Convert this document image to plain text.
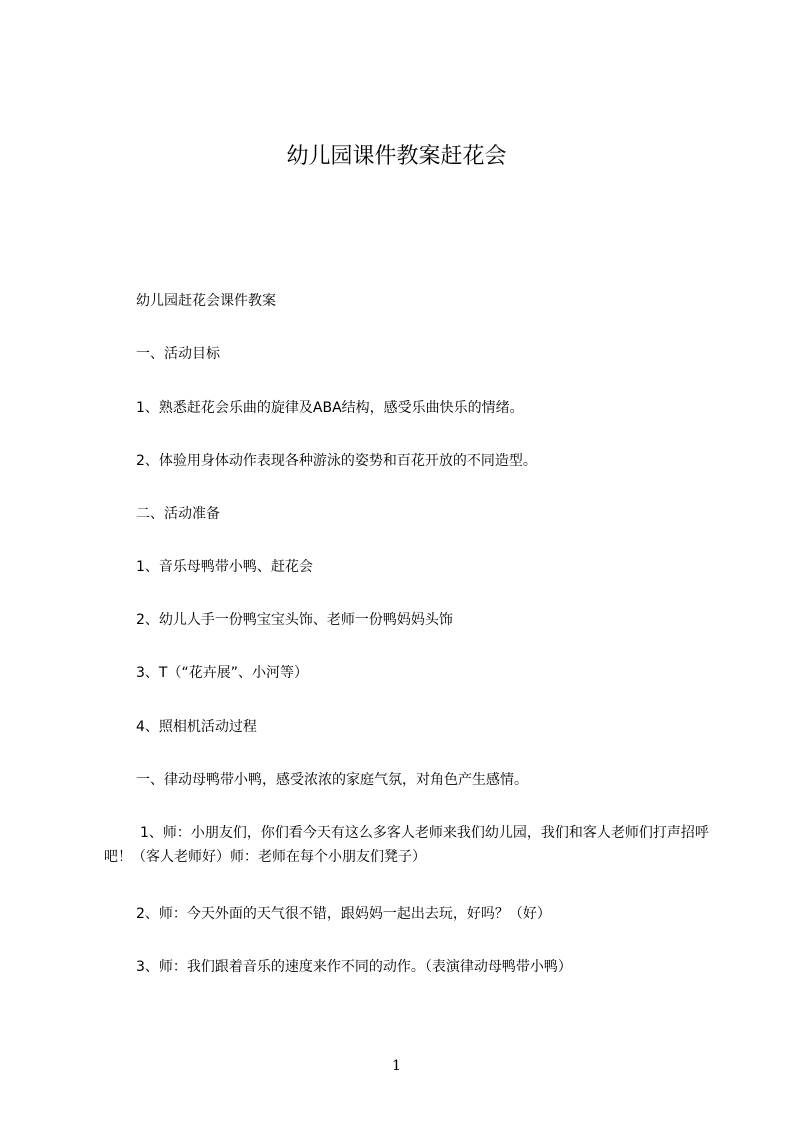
幼儿园课件教案赶花会

幼儿园赶花会课件教案

一、活动目标

1、熟悉赶花会乐曲的旋律及ABA结构，感受乐曲快乐的情绪。

2、体验用身体动作表现各种游泳的姿势和百花开放的不同造型。

二、活动准备

1、音乐母鸭带小鸭、赶花会

2、幼儿人手一份鸭宝宝头饰、老师一份鸭妈妈头饰

3、T（“花卉展”、小河等）

4、照相机活动过程

一、律动母鸭带小鸭，感受浓浓的家庭气氛，对角色产生感情。

1、师：小朋友们，你们看今天有这么多客人老师来我们幼儿园，我们和客人老师们打声招呼吧！（客人老师好）师：老师在每个小朋友们凳子）

2、师：今天外面的天气很不错，跟妈妈一起出去玩，好吗？（好）

3、师：我们跟着音乐的速度来作不同的动作。（表演律动母鸭带小鸭）

1
